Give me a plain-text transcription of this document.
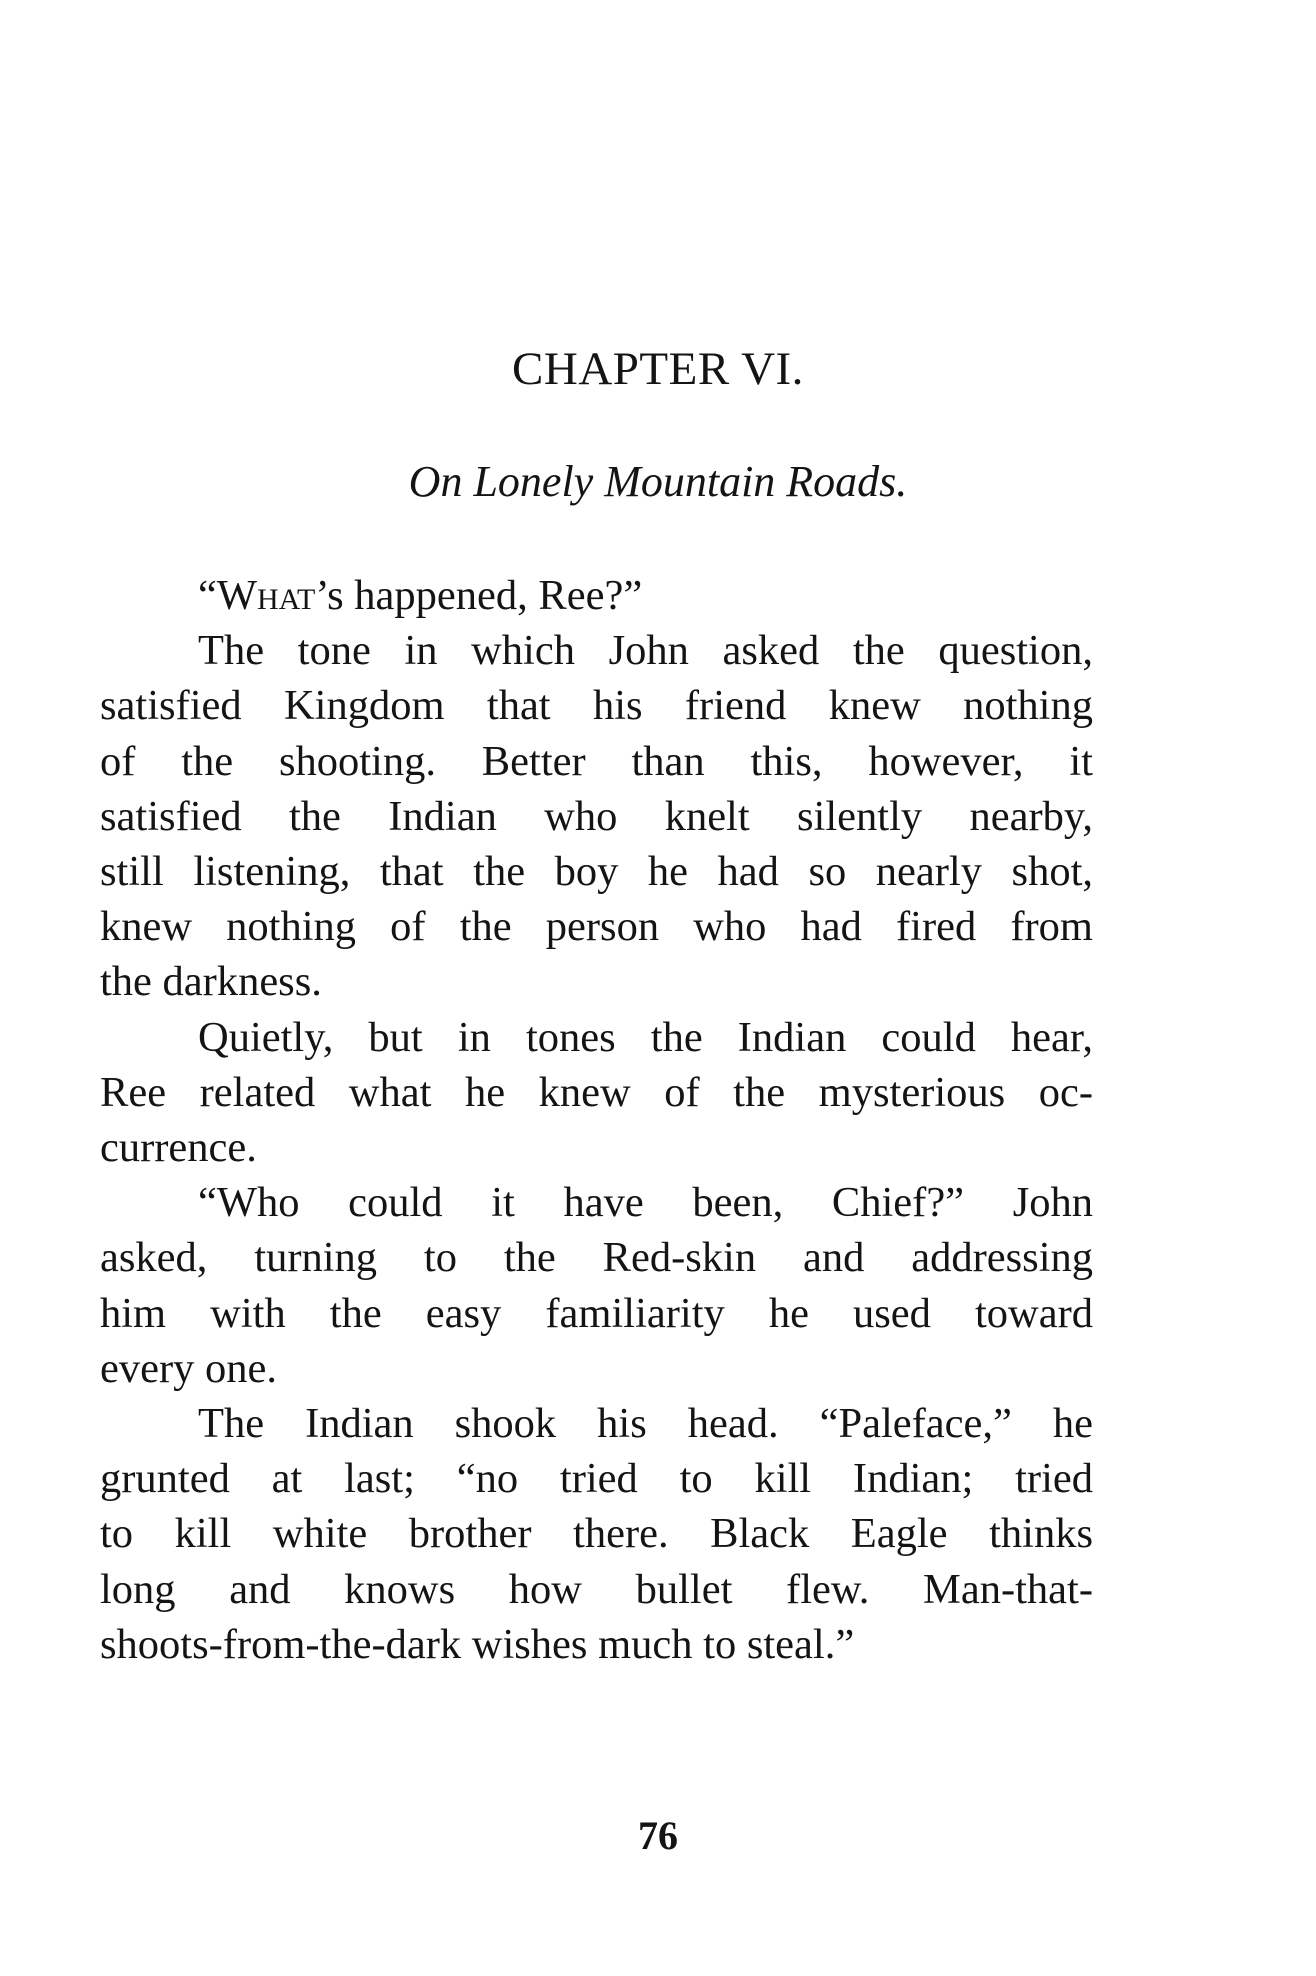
CHAPTER VI.
On Lonely Mountain Roads.

“What’s happened, Ree?”

The tone in which John asked the question,
satisfied Kingdom that his friend knew nothing
of the shooting. Better than this, however, it
satisfied the Indian who knelt silently nearby,
still listening, that the boy he had so nearly shot,
knew nothing of the person who had fired from
the darkness.

Quietly, but in tones the Indian could hear,
Ree related what he knew of the mysterious oc-
currence.

“Who could it have been, Chief?” John
asked, turning to the Red-skin and addressing
him with the easy familiarity he used toward
every one.

The Indian shook his head. “Paleface,” he
grunted at last; “no tried to kill Indian; tried
to kill white brother there. Black Eagle thinks
long and knows how bullet flew. Man-that-
shoots-from-the-dark wishes much to steal.”

76
